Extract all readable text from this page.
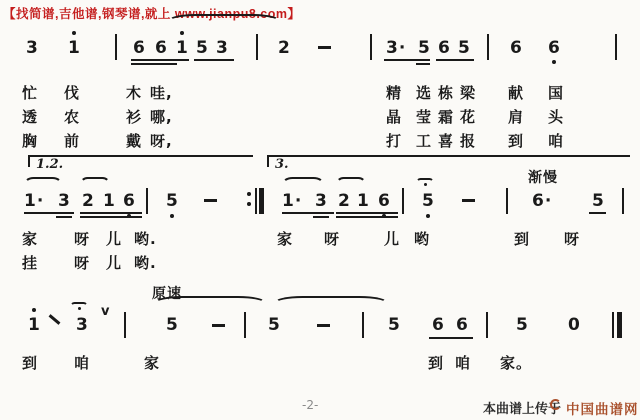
【找简谱,吉他谱,钢琴谱,就上 www.jianpu8.com】
3 1	6 6 1 5 3	2	3· 5 6 5 6 6
忙 伐	木 哇,	精 选 栋 梁 献 国
透 农	衫 哪,	晶 莹 霜 花 肩 头
胸 前	戴 呀,	打 工 喜 报 到 咱
1.2.
1· 3 2 1 6 5
3.
1· 3 2 1 6 5
渐慢
6· 5
家 呀 儿 哟.	家 呀	儿 哟	到 呀
挂 呀 儿 哟.
原速
1 3
v
5	5	5 6 6	5 0
到 咱	家	到 咱 家。
-2-	本曲谱上传于 中国曲谱网
